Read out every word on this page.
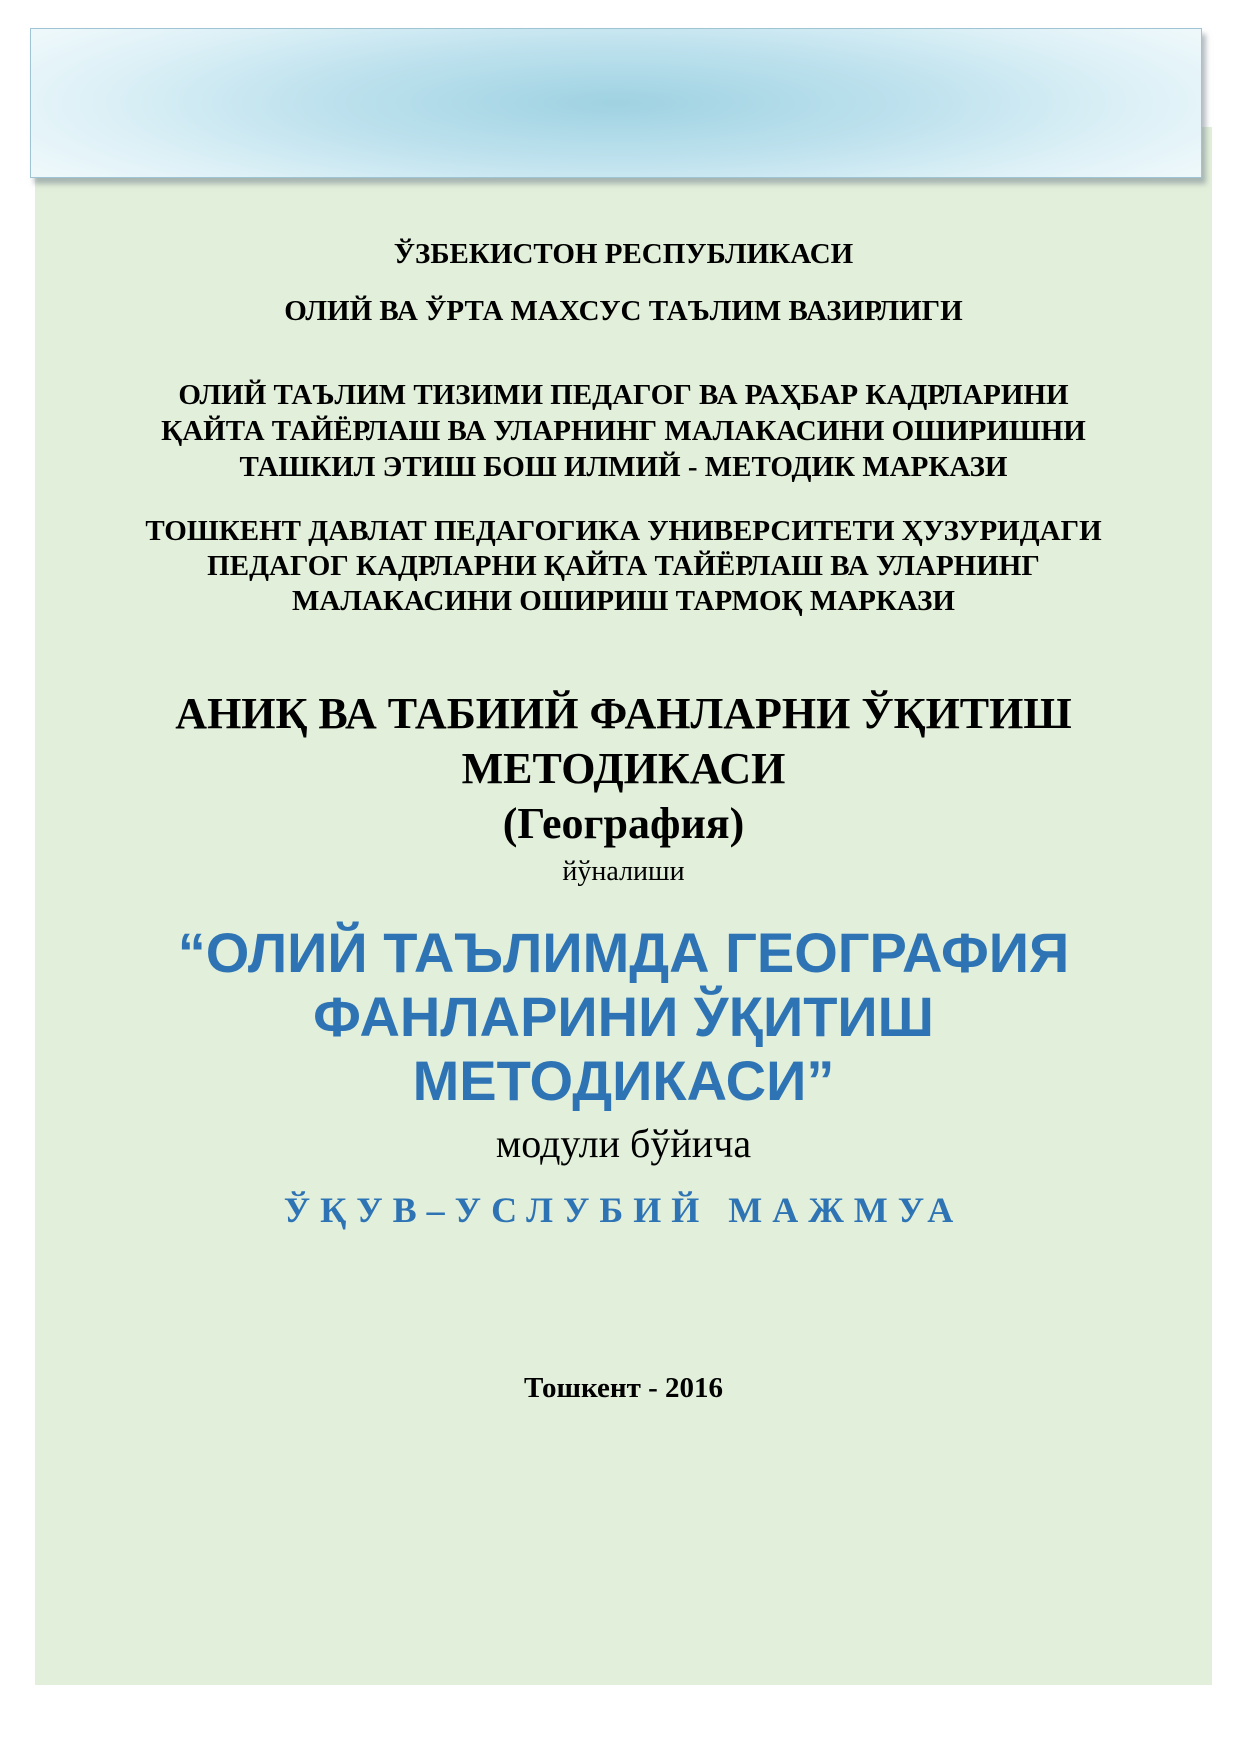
ЎЗБЕКИСТОН РЕСПУБЛИКАСИ
ОЛИЙ ВА ЎРТА МАХСУС ТАЪЛИМ ВАЗИРЛИГИ
ОЛИЙ ТАЪЛИМ ТИЗИМИ ПЕДАГОГ ВА РАҲБАР КАДРЛАРИНИ
ҚАЙТА ТАЙЁРЛАШ ВА УЛАРНИНГ МАЛАКАСИНИ ОШИРИШНИ
ТАШКИЛ ЭТИШ БОШ ИЛМИЙ - МЕТОДИК МАРКАЗИ
ТОШКЕНТ ДАВЛАТ ПЕДАГОГИКА УНИВЕРСИТЕТИ ҲУЗУРИДАГИ
ПЕДАГОГ КАДРЛАРНИ ҚАЙТА ТАЙЁРЛАШ ВА УЛАРНИНГ
МАЛАКАСИНИ ОШИРИШ ТАРМОҚ МАРКАЗИ
АНИҚ ВА ТАБИИЙ ФАНЛАРНИ ЎҚИТИШ
МЕТОДИКАСИ
(География)
йўналиши
“ОЛИЙ ТАЪЛИМДА ГЕОГРАФИЯ
ФАНЛАРИНИ ЎҚИТИШ
МЕТОДИКАСИ”
модули бўйича
ЎҚУВ–УСЛУБИЙ МАЖМУА
Тошкент - 2016
